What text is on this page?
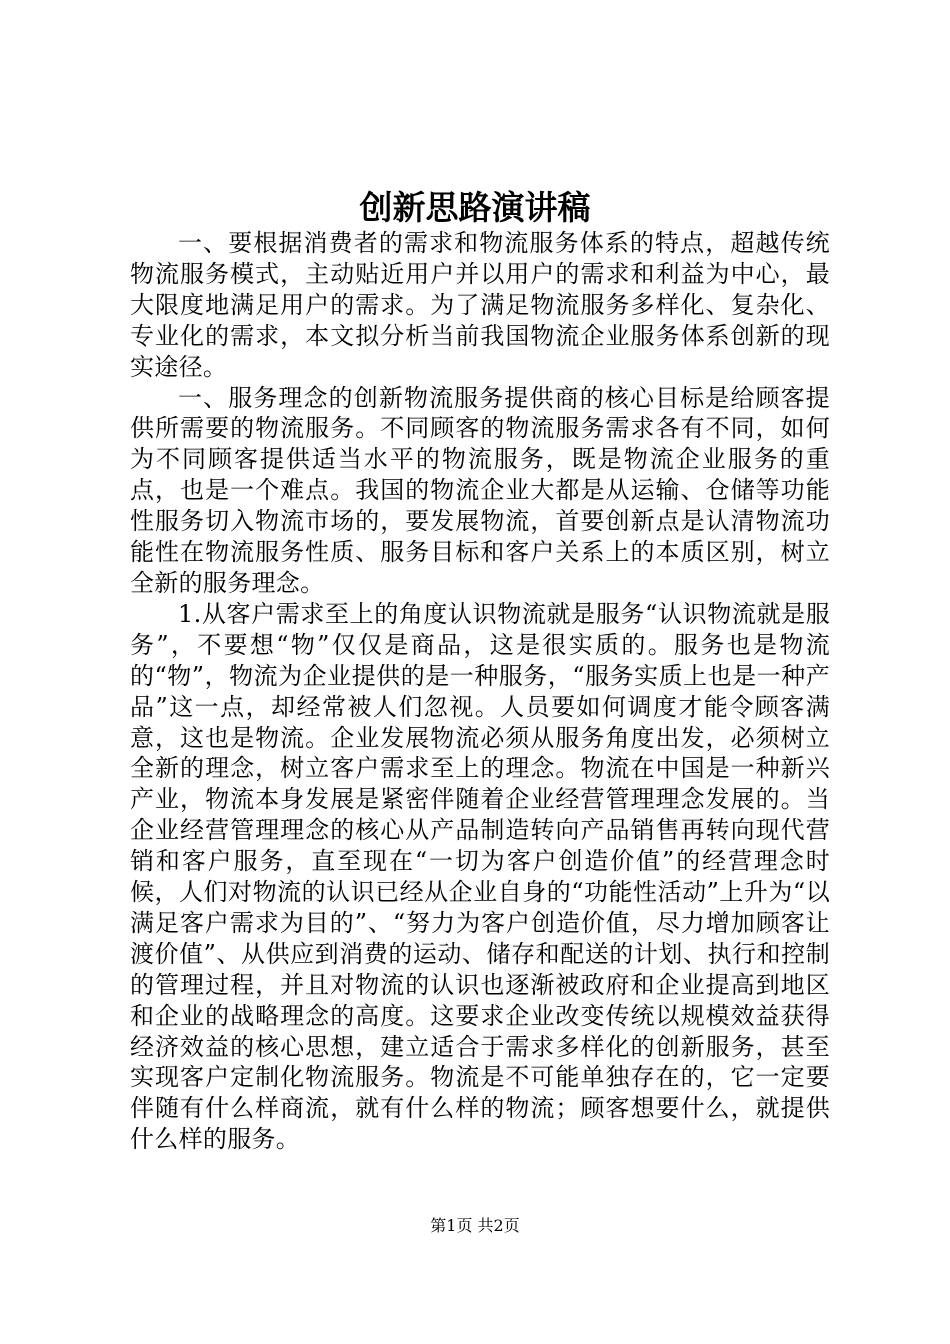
创新思路演讲稿

一、要根据消费者的需求和物流服务体系的特点，超越传统物流服务模式，主动贴近用户并以用户的需求和利益为中心，最大限度地满足用户的需求。为了满足物流服务多样化、复杂化、专业化的需求，本文拟分析当前我国物流企业服务体系创新的现实途径。

一、服务理念的创新物流服务提供商的核心目标是给顾客提供所需要的物流服务。不同顾客的物流服务需求各有不同，如何为不同顾客提供适当水平的物流服务，既是物流企业服务的重点，也是一个难点。我国的物流企业大都是从运输、仓储等功能性服务切入物流市场的，要发展物流，首要创新点是认清物流功能性在物流服务性质、服务目标和客户关系上的本质区别，树立全新的服务理念。

1.从客户需求至上的角度认识物流就是服务“认识物流就是服务”，不要想“物”仅仅是商品，这是很实质的。服务也是物流的“物”，物流为企业提供的是一种服务，“服务实质上也是一种产品”这一点，却经常被人们忽视。人员要如何调度才能令顾客满意，这也是物流。企业发展物流必须从服务角度出发，必须树立全新的理念，树立客户需求至上的理念。物流在中国是一种新兴产业，物流本身发展是紧密伴随着企业经营管理理念发展的。当企业经营管理理念的核心从产品制造转向产品销售再转向现代营销和客户服务，直至现在“一切为客户创造价值”的经营理念时候，人们对物流的认识已经从企业自身的“功能性活动”上升为“以满足客户需求为目的”、“努力为客户创造价值，尽力增加顾客让渡价值”、从供应到消费的运动、储存和配送的计划、执行和控制的管理过程，并且对物流的认识也逐渐被政府和企业提高到地区和企业的战略理念的高度。这要求企业改变传统以规模效益获得经济效益的核心思想，建立适合于需求多样化的创新服务，甚至实现客户定制化物流服务。物流是不可能单独存在的，它一定要伴随有什么样商流，就有什么样的物流；顾客想要什么，就提供什么样的服务。

第1页 共2页
